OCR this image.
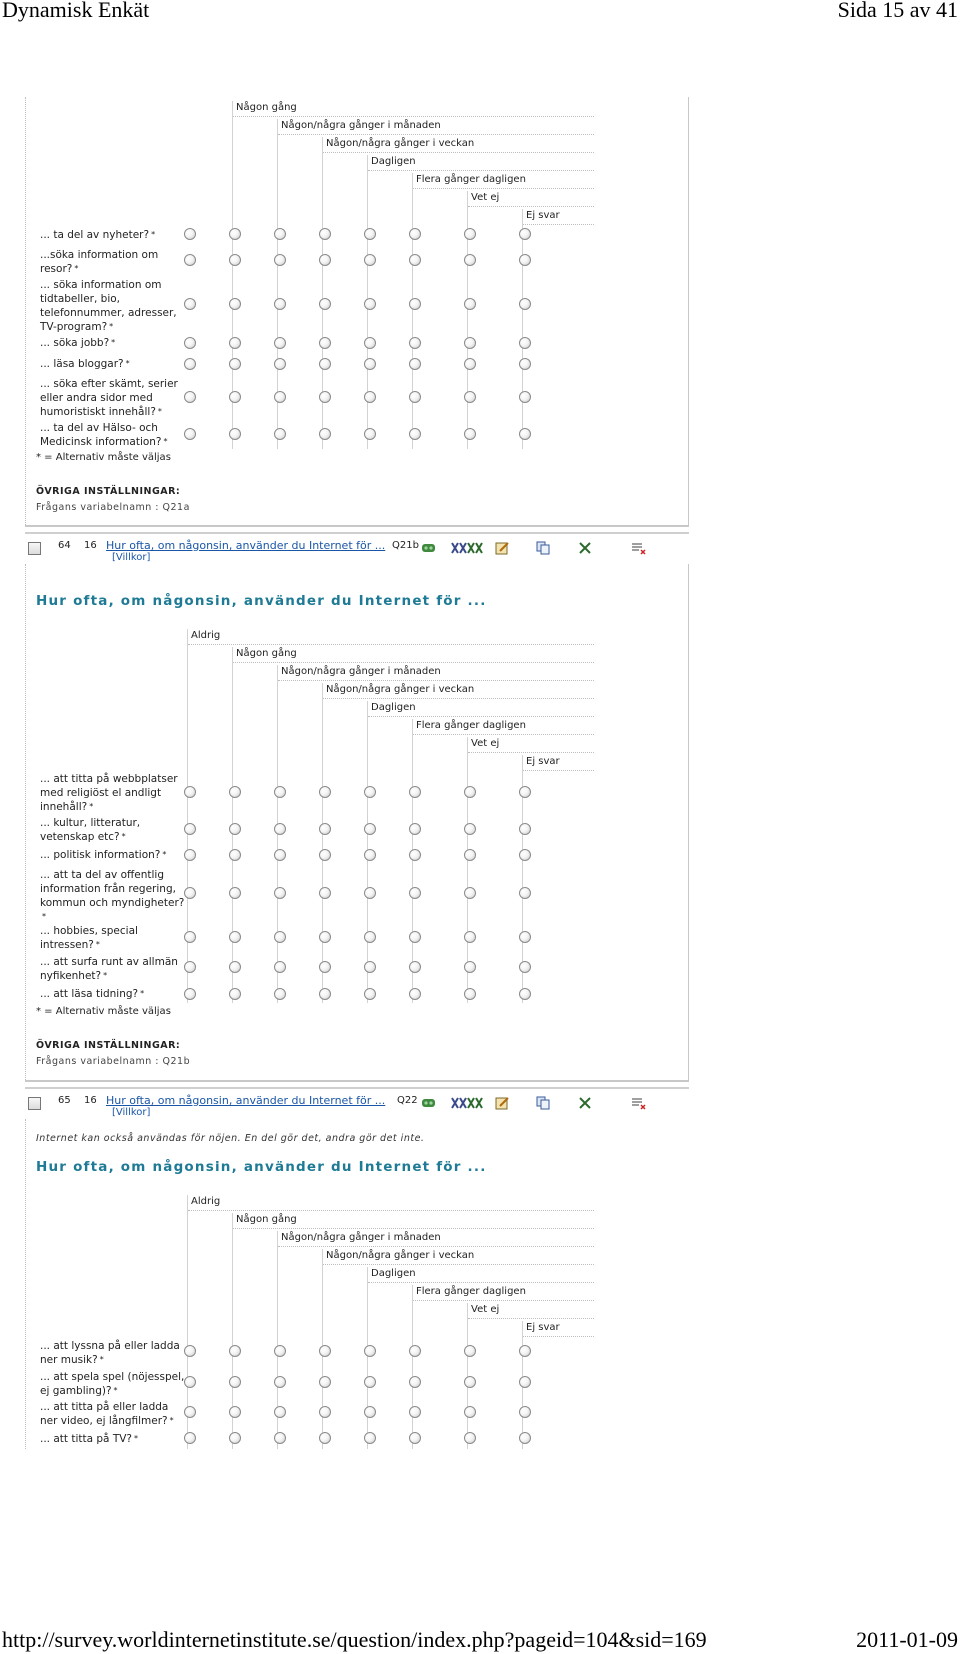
Dynamisk Enkät	Sida 15 av 41
http://survey.worldinternetinstitute.se/question/index.php?pageid=104&sid=169	2011-01-09
Någon gång
Någon/några gånger i månaden
Någon/några gånger i veckan
Dagligen
Flera gånger dagligen
Vet ej
Ej svar
... ta del av nyheter? *
...söka information om resor? *
... söka information om tidtabeller, bio, telefonnummer, adresser, TV-program? *
... söka jobb? *
... läsa bloggar? *
... söka efter skämt, serier eller andra sidor med humoristiskt innehåll? *
... ta del av Hälso- och Medicinsk information? *
* = Alternativ måste väljas
ÖVRIGA INSTÄLLNINGAR:
Frågans variabelnamn : Q21a
64 16 Hur ofta, om någonsin, använder du Internet för ...
[Villkor]
Q21b
Hur ofta, om någonsin, använder du Internet för ...
Aldrig
Någon gång
Någon/några gånger i månaden
Någon/några gånger i veckan
Dagligen
Flera gånger dagligen
Vet ej
Ej svar
... att titta på webbplatser med religiöst el andligt innehåll? *
... kultur, litteratur, vetenskap etc? *
... politisk information? *
... att ta del av offentlig information från regering, kommun och myndigheter?*
... hobbies, special intressen? *
... att surfa runt av allmän nyfikenhet? *
... att läsa tidning? *
* = Alternativ måste väljas
ÖVRIGA INSTÄLLNINGAR:
Frågans variabelnamn : Q21b
65 16 Hur ofta, om någonsin, använder du Internet för ...
[Villkor]
Q22
Internet kan också användas för nöjen. En del gör det, andra gör det inte.
Hur ofta, om någonsin, använder du Internet för ...
Aldrig
Någon gång
Någon/några gånger i månaden
Någon/några gånger i veckan
Dagligen
Flera gånger dagligen
Vet ej
Ej svar
... att lyssna på eller ladda ner musik? *
... att spela spel (nöjesspel, ej gambling)? *
... att titta på eller ladda ner video, ej långfilmer? *
... att titta på TV? *
